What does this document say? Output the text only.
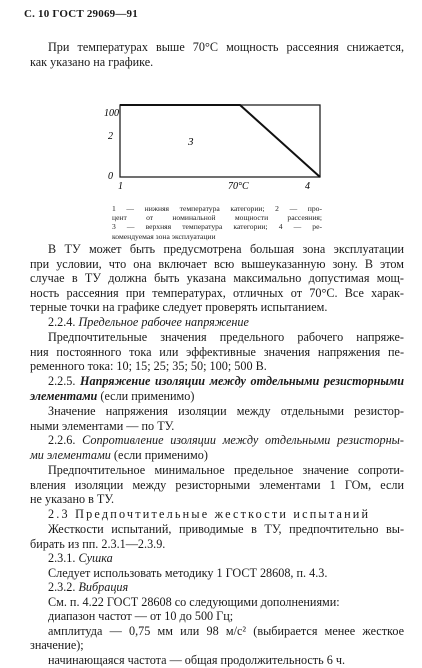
С. 10 ГОСТ 29069—91
При температурах выше 70°С мощность рассеяния снижается,
как указано на графике.
100
2
0
3
1	70°С	4
1 — нижняя температура категории; 2 — про-
цент от номинальной мощности рассеяния;
3 — верхняя температура категории; 4 — ре-
комендуемая зона эксплуатации
В ТУ может быть предусмотрена большая зона эксплуатации
при условии, что она включает всю вышеуказанную зону. В этом
случае в ТУ должна быть указана максимально допустимая мощ-
ность рассеяния при температурах, отличных от 70°С. Все харак-
терные точки на графике следует проверять испытанием.
2.2.4. Предельное рабочее напряжение
Предпочтительные значения предельного рабочего напряже-
ния постоянного тока или эффективные значения напряжения пе-
ременного тока: 10; 15; 25; 35; 50; 100; 500 В.
2.2.5. Напряжение изоляции между отдельными резисторными
элементами (если применимо)
Значение напряжения изоляции между отдельными резистор-
ными элементами — по ТУ.
2.2.6. Сопротивление изоляции между отдельными резисторны-
ми элементами (если применимо)
Предпочтительное минимальное предельное значение сопроти-
вления изоляции между резисторными элементами 1 ГОм, если
не указано в ТУ.
2.3 Предпочтительные жесткости испытаний
Жесткости испытаний, приводимые в ТУ, предпочтительно вы-
бирать из пп. 2.3.1—2.3.9.
2.3.1. Сушка
Следует использовать методику 1 ГОСТ 28608, п. 4.3.
2.3.2. Вибрация
См. п. 4.22 ГОСТ 28608 со следующими дополнениями:
диапазон частот — от 10 до 500 Гц;
амплитуда — 0,75 мм или 98 м/с² (выбирается менее жесткое
значение);
начинающаяся частота — общая продолжительность 6 ч.
